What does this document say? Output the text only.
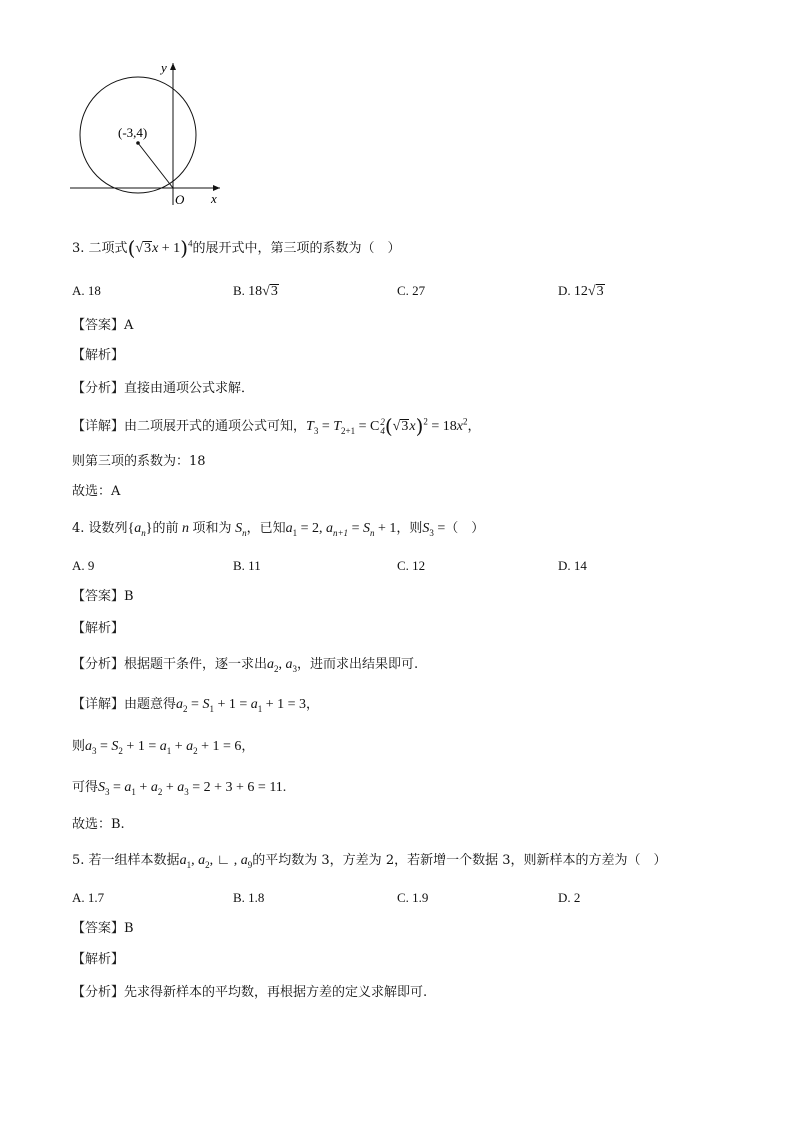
(-3,4)
y
x
O
3. 二项式$(√3x + 1)^4$的展开式中，第三项的系数为（　）
A. 18	B. 18√3	C. 27	D. 12√3
【答案】A
【解析】
【分析】直接由通项公式求解．
【详解】由二项展开式的通项公式可知，$T_3 = T_{2+1} = C2$
$4(√3x)^2 = 18x^2$，
则第三项的系数为：18
故选：A
4. 设数列$\{a_n\}$的前 n 项和为 $S_n$，已知$a_1 = 2$, $a_{n+1} = S_n + 1$，则$S_3$ =（　）
A. 9	B. 11	C. 12	D. 14
【答案】B
【解析】
【分析】根据题干条件，逐一求出$a_2$, $a_3$，进而求出结果即可.
【详解】由题意得$a_2 = S_1 + 1 = a_1 + 1 = 3$，
则$a_3 = S_2 + 1 = a_1 + a_2 + 1 = 6$，
可得$S_3 = a_1 + a_2 + a_3 = 2 + 3 + 6 = 11$.
故选：B.
5. 若一组样本数据$a_1$, $a_2$, ∟ , $a_9$的平均数为 3，方差为 2，若新增一个数据 3，则新样本的方差为（　）
A. 1.7	B. 1.8	C. 1.9	D. 2
【答案】B
【解析】
【分析】先求得新样本的平均数，再根据方差的定义求解即可.
